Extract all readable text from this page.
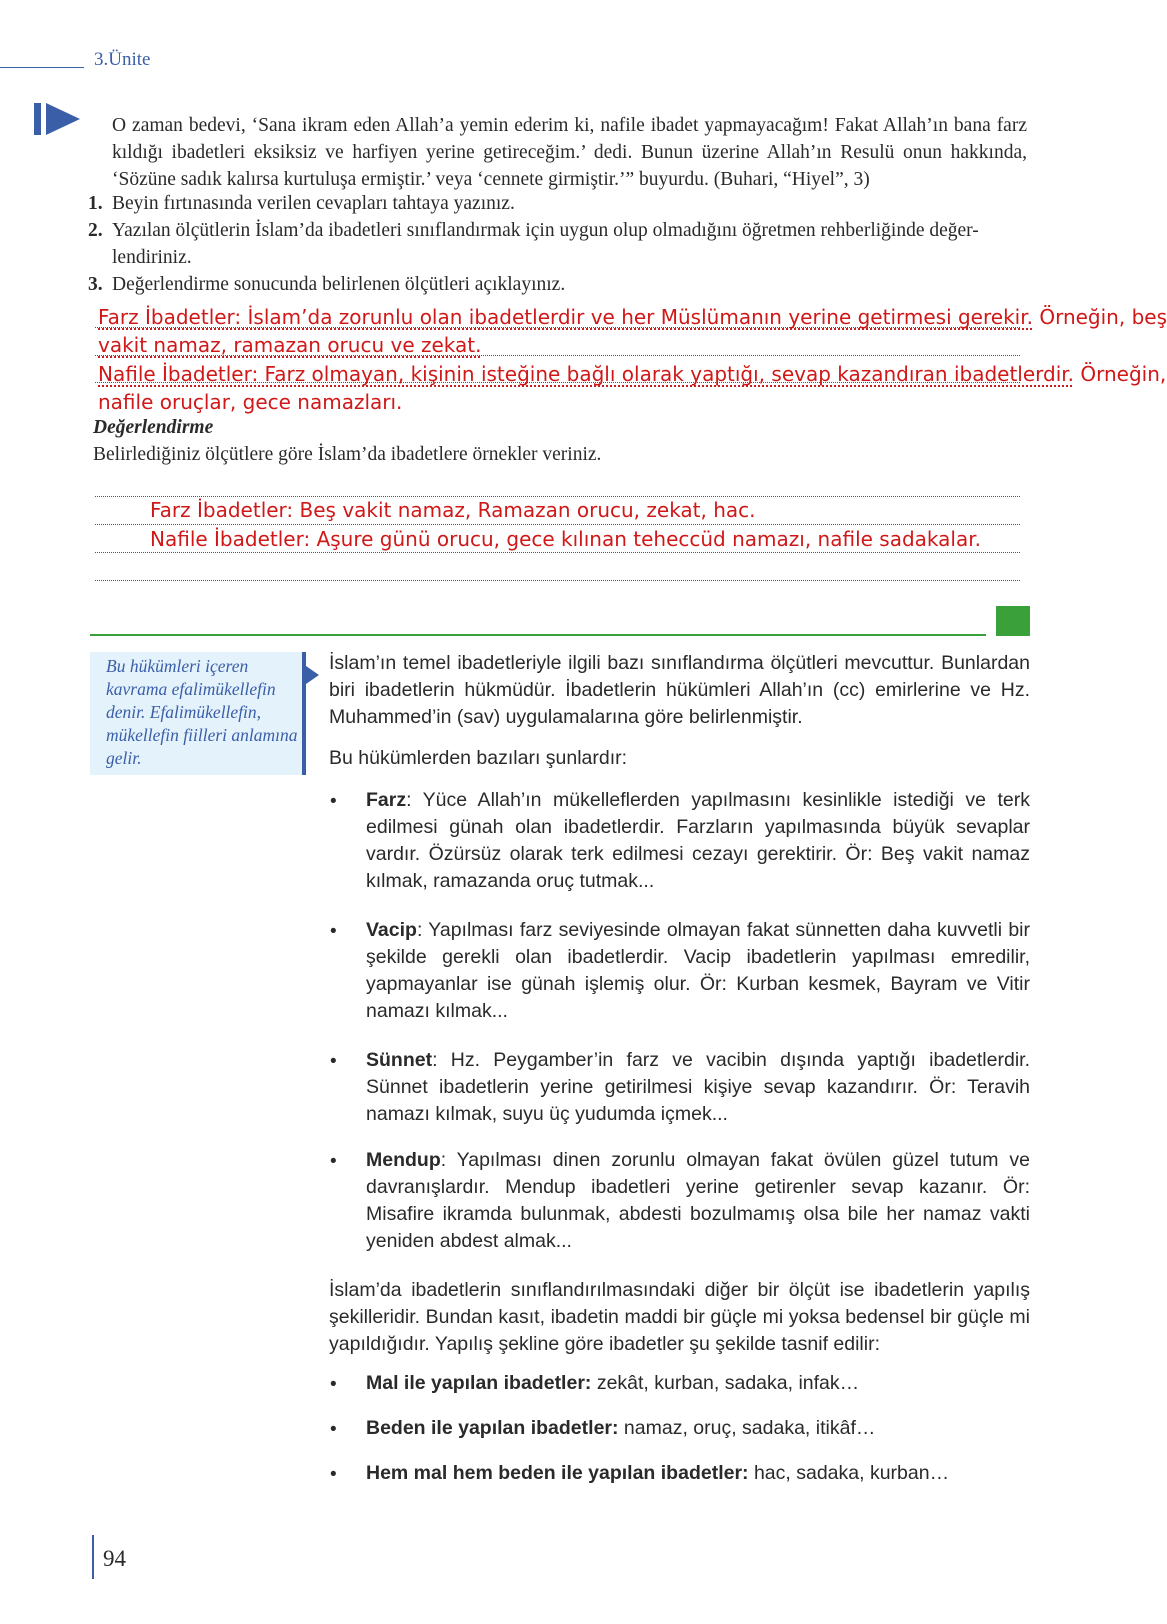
3.Ünite
O zaman bedevi, ‘Sana ikram eden Allah’a yemin ederim ki, nafile ibadet yapmayacağım! Fakat Allah’ın bana farz kıldığı ibadetleri eksiksiz ve harfiyen yerine getireceğim.’ dedi. Bunun üzerine Allah’ın Resulü onun hakkında, ‘Sözüne sadık kalırsa kurtuluşa ermiştir.’ veya ‘cennete girmiştir.’” buyurdu. (Buhari, “Hiyel”, 3)
1. Beyin fırtınasında verilen cevapları tahtaya yazınız.
2. Yazılan ölçütlerin İslam’da ibadetleri sınıflandırmak için uygun olup olmadığını öğretmen rehberliğinde değer-
lendiriniz.
3. Değerlendirme sonucunda belirlenen ölçütleri açıklayınız.
Farz İbadetler: İslam’da zorunlu olan ibadetlerdir ve her Müslümanın yerine getirmesi gerekir. Örneğin, beş
vakit namaz, ramazan orucu ve zekat.
Nafile İbadetler: Farz olmayan, kişinin isteğine bağlı olarak yaptığı, sevap kazandıran ibadetlerdir. Örneğin,
nafile oruçlar, gece namazları.
Değerlendirme
Belirlediğiniz ölçütlere göre İslam’da ibadetlere örnekler veriniz.
Farz İbadetler: Beş vakit namaz, Ramazan orucu, zekat, hac.
Nafile İbadetler: Aşure günü orucu, gece kılınan teheccüd namazı, nafile sadakalar.
Bu hükümleri içeren kavrama efalimükellefin denir. Efalimükellefin, mükellefin fiilleri anlamına gelir.
İslam’ın temel ibadetleriyle ilgili bazı sınıflandırma ölçütleri mevcuttur. Bunlardan biri ibadetlerin hükmüdür. İbadetlerin hükümleri Allah’ın (cc) emirlerine ve Hz. Muhammed’in (sav) uygulamalarına göre belirlenmiştir.
Bu hükümlerden bazıları şunlardır:
• Farz: Yüce Allah’ın mükelleflerden yapılmasını kesinlikle istediği ve terk edilmesi günah olan ibadetlerdir. Farzların yapılmasında büyük sevaplar vardır. Özürsüz olarak terk edilmesi cezayı gerektirir. Ör: Beş vakit namaz kılmak, ramazanda oruç tutmak...
• Vacip: Yapılması farz seviyesinde olmayan fakat sünnetten daha kuvvetli bir şekilde gerekli olan ibadetlerdir. Vacip ibadetlerin yapılması emredilir, yapmayanlar ise günah işlemiş olur. Ör: Kurban kesmek, Bayram ve Vitir namazı kılmak...
• Sünnet: Hz. Peygamber’in farz ve vacibin dışında yaptığı ibadetlerdir. Sünnet ibadetlerin yerine getirilmesi kişiye sevap kazandırır. Ör: Teravih namazı kılmak, suyu üç yudumda içmek...
• Mendup: Yapılması dinen zorunlu olmayan fakat övülen güzel tutum ve davranışlardır. Mendup ibadetleri yerine getirenler sevap kazanır. Ör: Misafire ikramda bulunmak, abdesti bozulmamış olsa bile her namaz vakti yeniden abdest almak...
İslam’da ibadetlerin sınıflandırılmasındaki diğer bir ölçüt ise ibadetlerin yapılış şekilleridir. Bundan kasıt, ibadetin maddi bir güçle mi yoksa bedensel bir güçle mi yapıldığıdır. Yapılış şekline göre ibadetler şu şekilde tasnif edilir:
• Mal ile yapılan ibadetler: zekât, kurban, sadaka, infak…
• Beden ile yapılan ibadetler: namaz, oruç, sadaka, itikâf…
• Hem mal hem beden ile yapılan ibadetler: hac, sadaka, kurban…
94
